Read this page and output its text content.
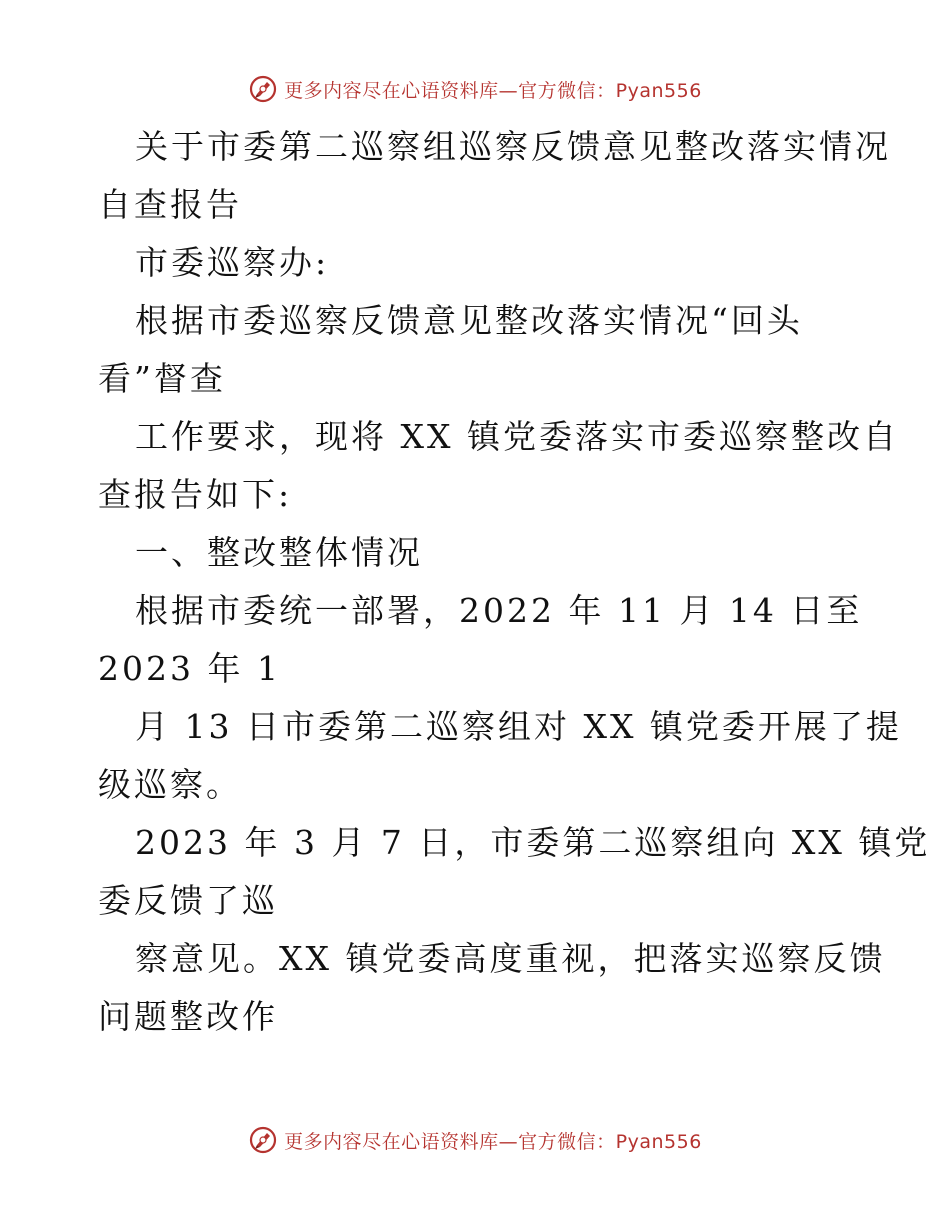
更多内容尽在心语资料库—官方微信：Pyan556
关于市委第二巡察组巡察反馈意见整改落实情况
自查报告
市委巡察办:
根据市委巡察反馈意见整改落实情况“回头
看”督查
工作要求，现将 XX 镇党委落实市委巡察整改自
查报告如下:
一、整改整体情况
根据市委统一部署，2022 年 11 月 14 日至
2023 年 1
月 13 日市委第二巡察组对 XX 镇党委开展了提
级巡察。
2023 年 3 月 7 日，市委第二巡察组向 XX 镇党
委反馈了巡
察意见。XX 镇党委高度重视，把落实巡察反馈
问题整改作
更多内容尽在心语资料库—官方微信：Pyan556
